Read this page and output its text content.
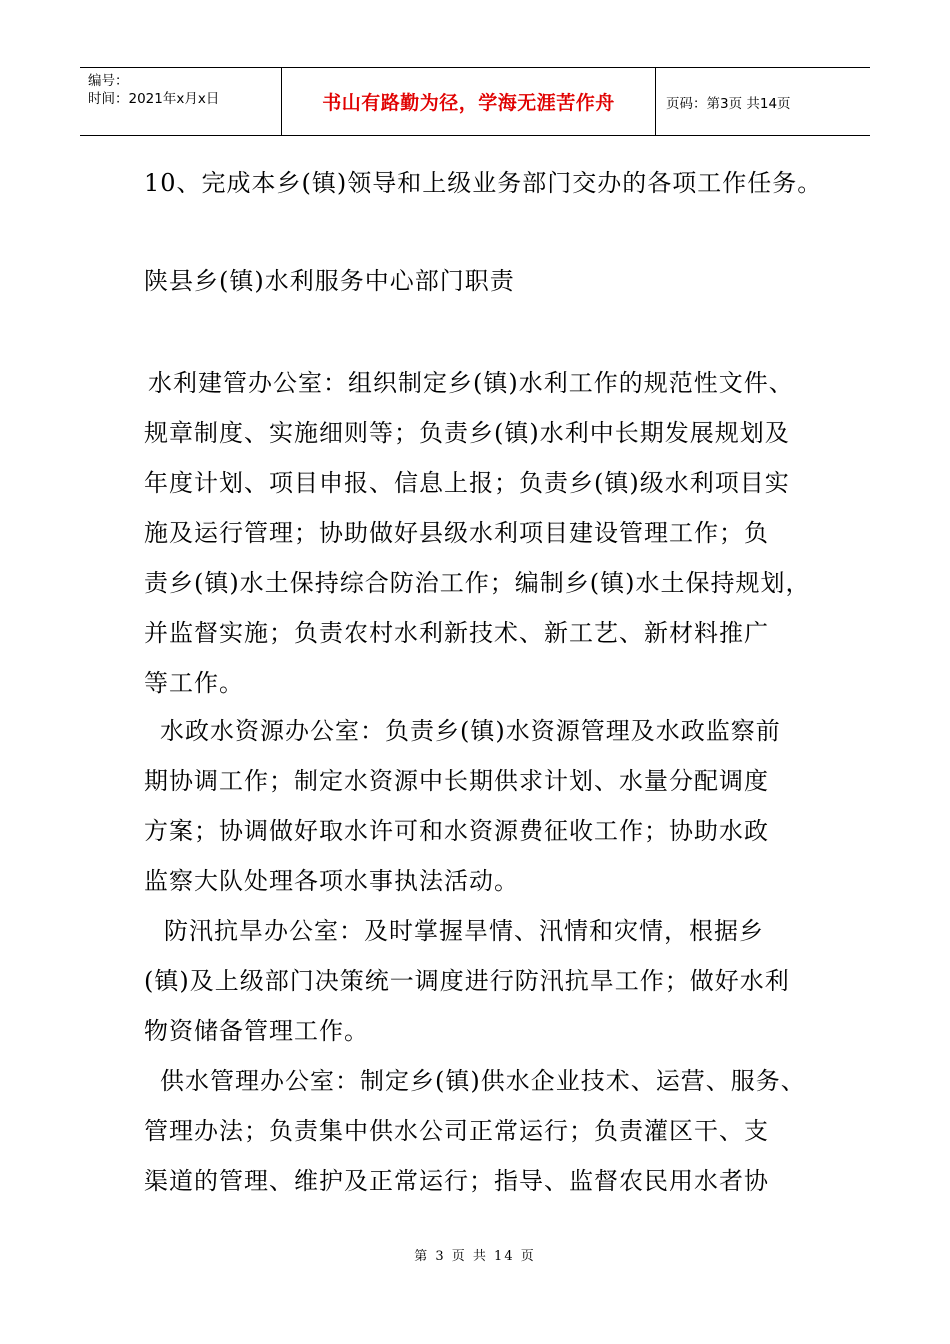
编号：
时间：2021年x月x日	书山有路勤为径，学海无涯苦作舟	页码：第3页 共14页
10、完成本乡(镇)领导和上级业务部门交办的各项工作任务。
陕县乡(镇)水利服务中心部门职责
水利建管办公室：组织制定乡(镇)水利工作的规范性文件、
规章制度、实施细则等；负责乡(镇)水利中长期发展规划及
年度计划、项目申报、信息上报；负责乡(镇)级水利项目实
施及运行管理；协助做好县级水利项目建设管理工作；负
责乡(镇)水土保持综合防治工作；编制乡(镇)水土保持规划，
并监督实施；负责农村水利新技术、新工艺、新材料推广
等工作。
水政水资源办公室：负责乡(镇)水资源管理及水政监察前
期协调工作；制定水资源中长期供求计划、水量分配调度
方案；协调做好取水许可和水资源费征收工作；协助水政
监察大队处理各项水事执法活动。
防汛抗旱办公室：及时掌握旱情、汛情和灾情，根据乡
(镇)及上级部门决策统一调度进行防汛抗旱工作；做好水利
物资储备管理工作。
供水管理办公室：制定乡(镇)供水企业技术、运营、服务、
管理办法；负责集中供水公司正常运行；负责灌区干、支
渠道的管理、维护及正常运行；指导、监督农民用水者协
第 3 页 共 14 页
